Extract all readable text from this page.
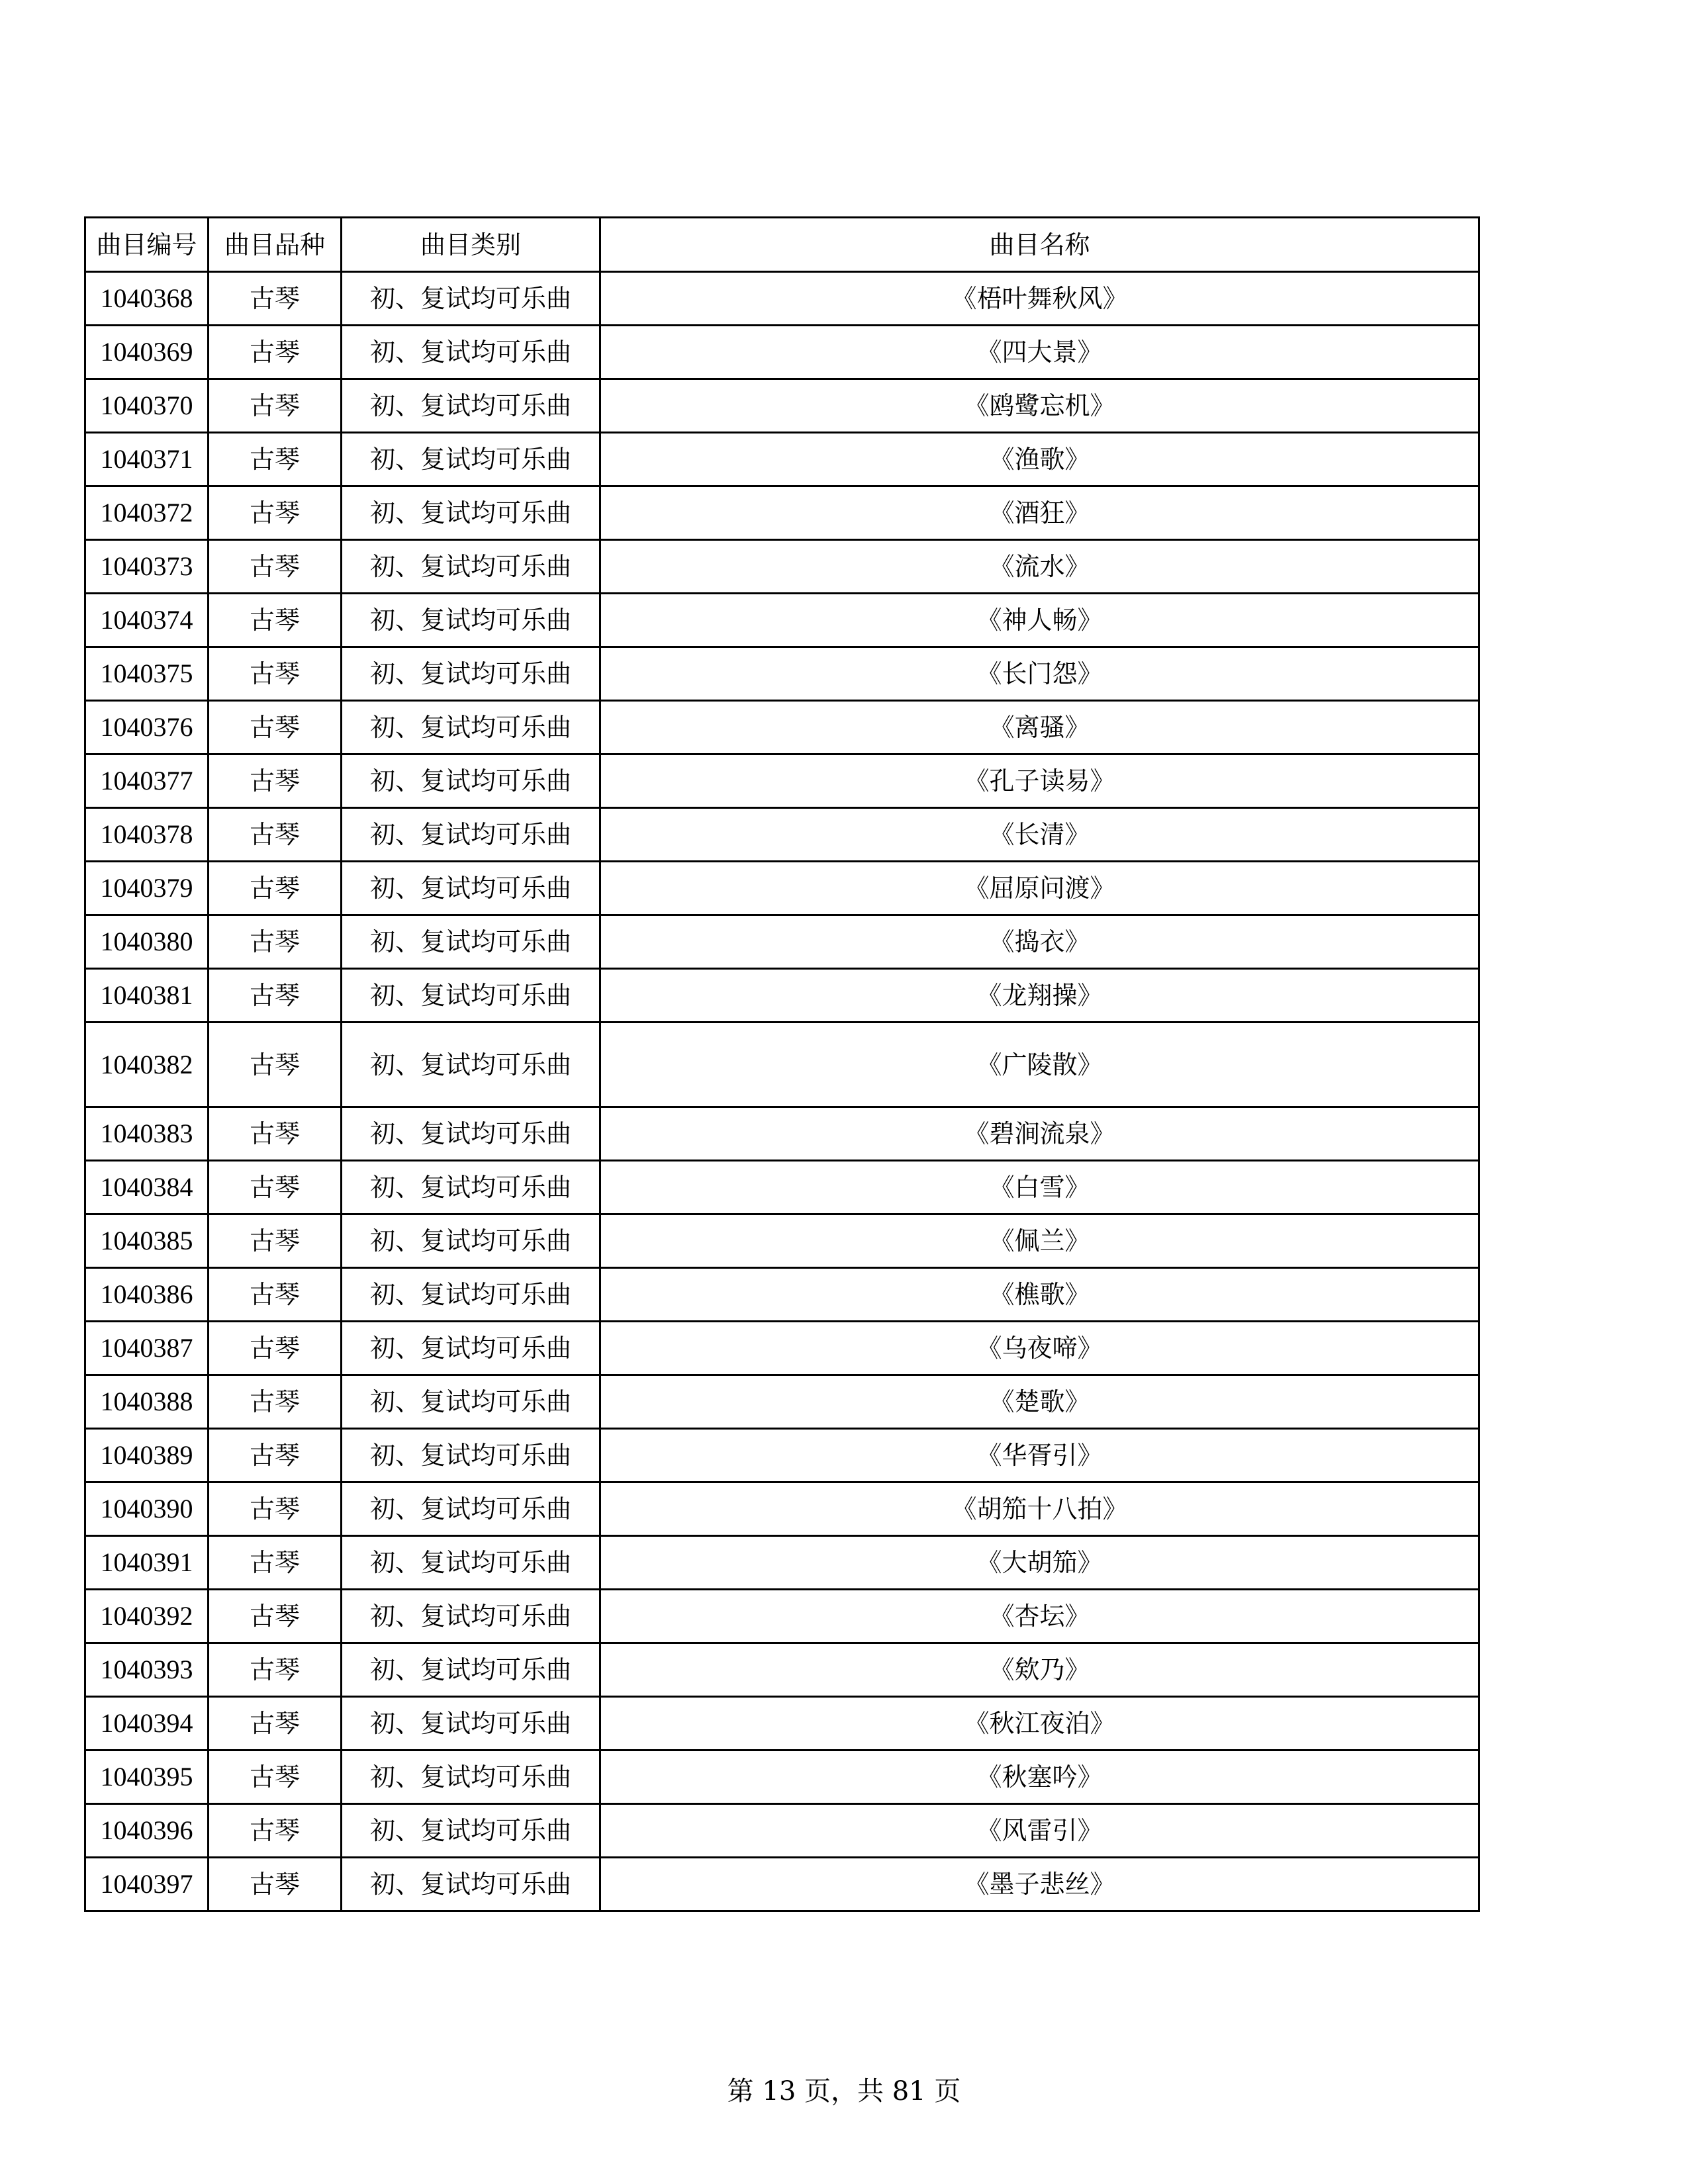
曲目编号	曲目品种	曲目类别	曲目名称
1040368	古琴	初、复试均可乐曲	《梧叶舞秋风》
1040369	古琴	初、复试均可乐曲	《四大景》
1040370	古琴	初、复试均可乐曲	《鸥鹭忘机》
1040371	古琴	初、复试均可乐曲	《渔歌》
1040372	古琴	初、复试均可乐曲	《酒狂》
1040373	古琴	初、复试均可乐曲	《流水》
1040374	古琴	初、复试均可乐曲	《神人畅》
1040375	古琴	初、复试均可乐曲	《长门怨》
1040376	古琴	初、复试均可乐曲	《离骚》
1040377	古琴	初、复试均可乐曲	《孔子读易》
1040378	古琴	初、复试均可乐曲	《长清》
1040379	古琴	初、复试均可乐曲	《屈原问渡》
1040380	古琴	初、复试均可乐曲	《捣衣》
1040381	古琴	初、复试均可乐曲	《龙翔操》
1040382	古琴	初、复试均可乐曲	《广陵散》
1040383	古琴	初、复试均可乐曲	《碧涧流泉》
1040384	古琴	初、复试均可乐曲	《白雪》
1040385	古琴	初、复试均可乐曲	《佩兰》
1040386	古琴	初、复试均可乐曲	《樵歌》
1040387	古琴	初、复试均可乐曲	《乌夜啼》
1040388	古琴	初、复试均可乐曲	《楚歌》
1040389	古琴	初、复试均可乐曲	《华胥引》
1040390	古琴	初、复试均可乐曲	《胡笳十八拍》
1040391	古琴	初、复试均可乐曲	《大胡笳》
1040392	古琴	初、复试均可乐曲	《杏坛》
1040393	古琴	初、复试均可乐曲	《欸乃》
1040394	古琴	初、复试均可乐曲	《秋江夜泊》
1040395	古琴	初、复试均可乐曲	《秋塞吟》
1040396	古琴	初、复试均可乐曲	《风雷引》
1040397	古琴	初、复试均可乐曲	《墨子悲丝》
第 13 页，共 81 页
